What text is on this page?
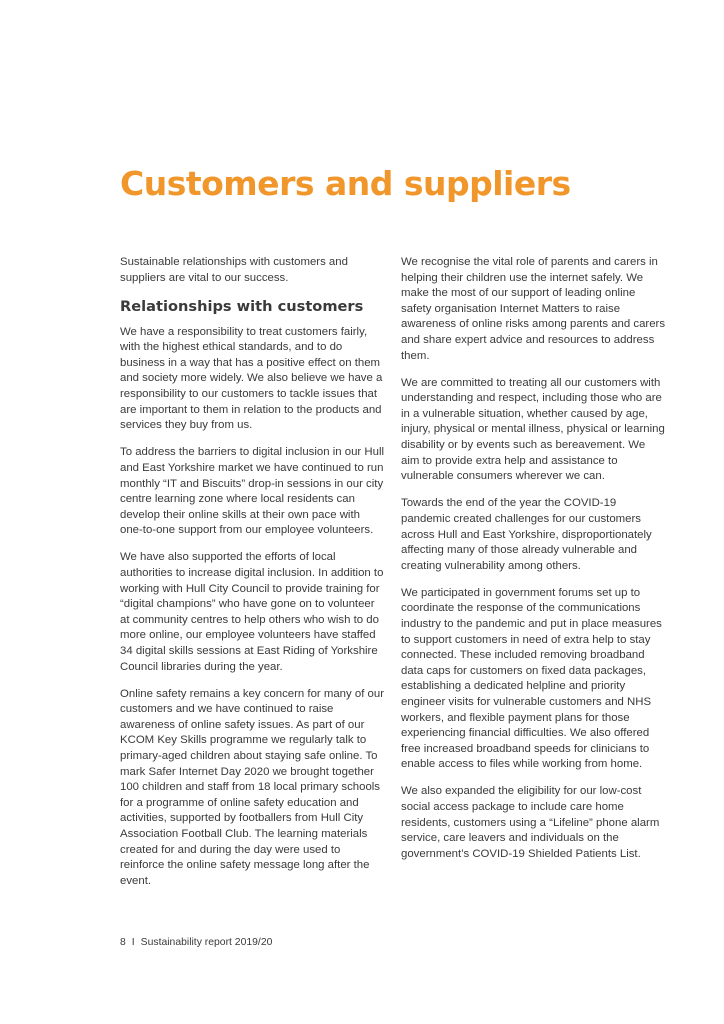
Customers and suppliers

Sustainable relationships with customers and suppliers are vital to our success.

Relationships with customers

We have a responsibility to treat customers fairly, with the highest ethical standards, and to do business in a way that has a positive effect on them and society more widely. We also believe we have a responsibility to our customers to tackle issues that are important to them in relation to the products and services they buy from us.

To address the barriers to digital inclusion in our Hull and East Yorkshire market we have continued to run monthly “IT and Biscuits” drop-in sessions in our city centre learning zone where local residents can develop their online skills at their own pace with one-to-one support from our employee volunteers.

We have also supported the efforts of local authorities to increase digital inclusion. In addition to working with Hull City Council to provide training for “digital champions” who have gone on to volunteer at community centres to help others who wish to do more online, our employee volunteers have staffed 34 digital skills sessions at East Riding of Yorkshire Council libraries during the year.

Online safety remains a key concern for many of our customers and we have continued to raise awareness of online safety issues. As part of our KCOM Key Skills programme we regularly talk to primary-aged children about staying safe online. To mark Safer Internet Day 2020 we brought together 100 children and staff from 18 local primary schools for a programme of online safety education and activities, supported by footballers from Hull City Association Football Club. The learning materials created for and during the day were used to reinforce the online safety message long after the event.

We recognise the vital role of parents and carers in helping their children use the internet safely. We make the most of our support of leading online safety organisation Internet Matters to raise awareness of online risks among parents and carers and share expert advice and resources to address them.

We are committed to treating all our customers with understanding and respect, including those who are in a vulnerable situation, whether caused by age, injury, physical or mental illness, physical or learning disability or by events such as bereavement. We aim to provide extra help and assistance to vulnerable consumers wherever we can.

Towards the end of the year the COVID-19 pandemic created challenges for our customers across Hull and East Yorkshire, disproportionately affecting many of those already vulnerable and creating vulnerability among others.

We participated in government forums set up to coordinate the response of the communications industry to the pandemic and put in place measures to support customers in need of extra help to stay connected. These included removing broadband data caps for customers on fixed data packages, establishing a dedicated helpline and priority engineer visits for vulnerable customers and NHS workers, and flexible payment plans for those experiencing financial difficulties. We also offered free increased broadband speeds for clinicians to enable access to files while working from home.

We also expanded the eligibility for our low-cost social access package to include care home residents, customers using a “Lifeline” phone alarm service, care leavers and individuals on the government’s COVID-19 Shielded Patients List.

8 I Sustainability report 2019/20
